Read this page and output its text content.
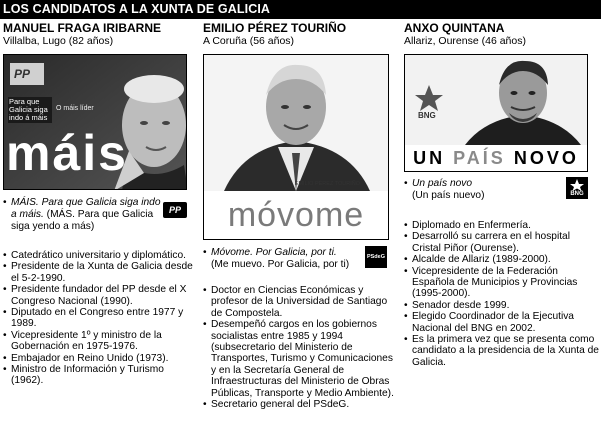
LOS CANDIDATOS A LA XUNTA DE GALICIA
MANUEL FRAGA IRIBARNE
Villalba, Lugo (82 años)
PP
Para que Galicia siga indo á máis
O máis líder
máis
• MÁIS. Para que Galicia siga indo a máis. (MÁS. Para que Galicia siga yendo a más)
PP
• Catedrático universitario y diplomático.
• Presidente de la Xunta de Galicia desde el 5-2-1990.
• Presidente fundador del PP desde el X Congreso Nacional (1990).
• Diputado en el Congreso entre 1977 y 1989.
• Vicepresidente 1º y ministro de la Gobernación en 1975-1976.
• Embajador en Reino Unido (1973).
• Ministro de Información y Turismo (1962).
EMILIO PÉREZ TOURIÑO
A Coruña (56 años)
EMILIO PÉREZ TOURIÑO
móvome
• Móvome. Por Galicia, por ti.
(Me muevo. Por Galicia, por ti)
PSdeG
• Doctor en Ciencias Económicas y profesor de la Universidad de Santiago de Compostela.
• Desempeñó cargos en los gobiernos socialistas entre 1985 y 1994 (subsecretario del Ministerio de Transportes, Turismo y Comunicaciones y en la Secretaría General de Infraestructuras del Ministerio de Obras Públicas, Transporte y Medio Ambiente).
• Secretario general del PSdeG.
ANXO QUINTANA
Allariz, Ourense (46 años)
BNG
UN PAÍS NOVO
• Un país novo
(Un país nuevo)	BNG
• Diplomado en Enfermería.
• Desarrolló su carrera en el hospital Cristal Piñor (Ourense).
• Alcalde de Allariz (1989-2000).
• Vicepresidente de la Federación Española de Municipios y Provincias (1995-2000).
• Senador desde 1999.
• Elegido Coordinador de la Ejecutiva Nacional del BNG en 2002.
• Es la primera vez que se presenta como candidato a la presidencia de la Xunta de Galicia.
